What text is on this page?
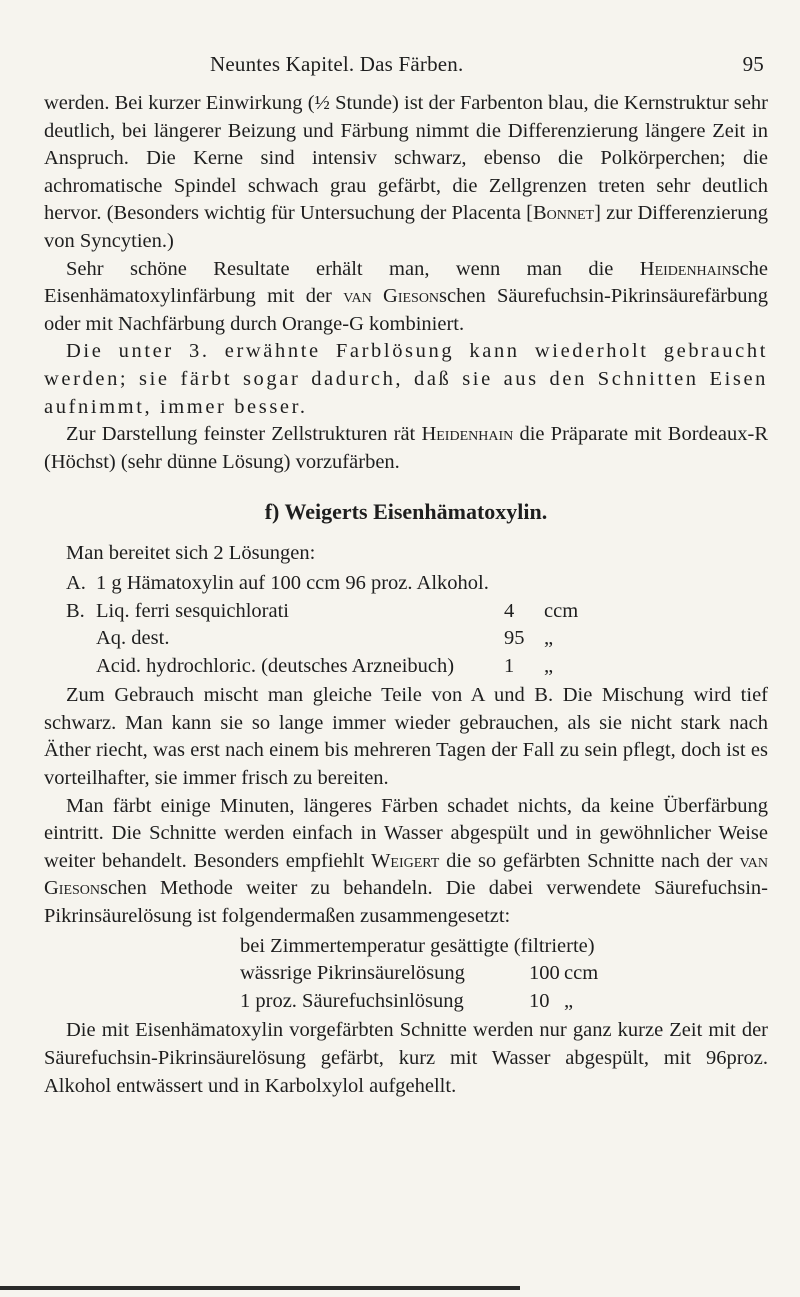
Neuntes Kapitel. Das Färben.	95

werden. Bei kurzer Einwirkung (½ Stunde) ist der Farbenton blau, die Kernstruktur sehr deutlich, bei längerer Beizung und Färbung nimmt die Differenzierung längere Zeit in Anspruch. Die Kerne sind intensiv schwarz, ebenso die Polkörperchen; die achromatische Spindel schwach grau gefärbt, die Zellgrenzen treten sehr deutlich hervor. (Besonders wichtig für Untersuchung der Placenta [Bonnet] zur Differenzierung von Syncytien.)

Sehr schöne Resultate erhält man, wenn man die Heidenhainsche Eisenhämatoxylinfärbung mit der van Giesonschen Säurefuchsin-Pikrinsäurefärbung oder mit Nachfärbung durch Orange-G kombiniert.

Die unter 3. erwähnte Farblösung kann wiederholt gebraucht werden; sie färbt sogar dadurch, daß sie aus den Schnitten Eisen aufnimmt, immer besser.

Zur Darstellung feinster Zellstrukturen rät Heidenhain die Präparate mit Bordeaux-R (Höchst) (sehr dünne Lösung) vorzufärben.

f) Weigerts Eisenhämatoxylin.

Man bereitet sich 2 Lösungen:

A. 1 g Hämatoxylin auf 100 ccm 96 proz. Alkohol.
B. Liq. ferri sesquichlorati	4 ccm
Aq. dest.	95 „
Acid. hydrochloric. (deutsches Arzneibuch) 1 „

Zum Gebrauch mischt man gleiche Teile von A und B. Die Mischung wird tief schwarz. Man kann sie so lange immer wieder gebrauchen, als sie nicht stark nach Äther riecht, was erst nach einem bis mehreren Tagen der Fall zu sein pflegt, doch ist es vorteilhafter, sie immer frisch zu bereiten.

Man färbt einige Minuten, längeres Färben schadet nichts, da keine Überfärbung eintritt. Die Schnitte werden einfach in Wasser abgespült und in gewöhnlicher Weise weiter behandelt. Besonders empfiehlt Weigert die so gefärbten Schnitte nach der van Giesonschen Methode weiter zu behandeln. Die dabei verwendete Säurefuchsin-Pikrinsäurelösung ist folgendermaßen zusammengesetzt:

bei Zimmertemperatur gesättigte (filtrierte)
wässrige Pikrinsäurelösung	100 ccm
1 proz. Säurefuchsinlösung	10 „

Die mit Eisenhämatoxylin vorgefärbten Schnitte werden nur ganz kurze Zeit mit der Säurefuchsin-Pikrinsäurelösung gefärbt, kurz mit Wasser abgespült, mit 96proz. Alkohol entwässert und in Karbolxylol aufgehellt.
